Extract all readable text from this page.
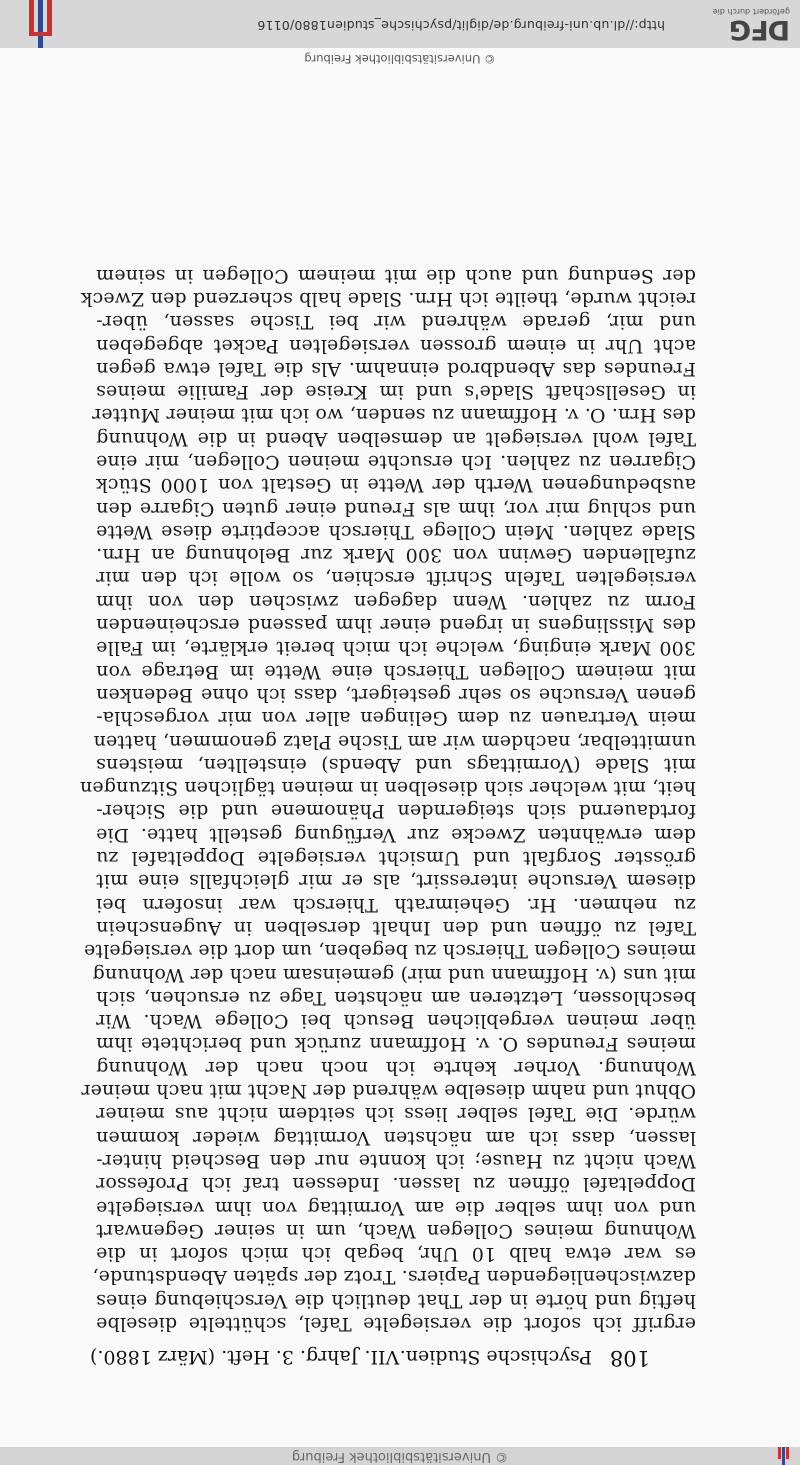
© Universitätsbibliothek Freiburg
108
Psychische Studien.
VII. Jahrg. 3. Heft. (März 1880.)
ergriff ich sofort die versiegelte Tafel, schüttelte dieselbe
heftig und hörte in der That deutlich die Verschiebung eines
dazwischenliegenden Papiers. Trotz der späten Abendstunde,
es war etwa halb 10 Uhr, begab ich mich sofort in die
Wohnung meines Collegen Wach, um in seiner Gegenwart
und von ihm selber die am Vormittag von ihm versiegelte
Doppeltafel öffnen zu lassen. Indessen traf ich Professor
Wach nicht zu Hause; ich konnte nur den Bescheid hinter-
lassen, dass ich am nächsten Vormittag wieder kommen
würde. Die Tafel selber liess ich seitdem nicht aus meiner
Obhut und nahm dieselbe während der Nacht mit nach meiner
Wohnung. Vorher kehrte ich noch nach der Wohnung
meines Freundes O. v. Hoffmann zurück und berichtete ihm
über meinen vergeblichen Besuch bei College Wach. Wir
beschlossen, Letzteren am nächsten Tage zu ersuchen, sich
mit uns (v. Hoffmann und mir) gemeinsam nach der Wohnung
meines Collegen Thiersch zu begeben, um dort die versiegelte
Tafel zu öffnen und den Inhalt derselben in Augenschein
zu nehmen. Hr. Geheimrath Thiersch war insofern bei
diesem Versuche interessirt, als er mir gleichfalls eine mit
grösster Sorgfalt und Umsicht versiegelte Doppeltafel zu
dem erwähnten Zwecke zur Verfügung gestellt hatte. Die
fortdauernd sich steigernden Phänomene und die Sicher-
heit, mit welcher sich dieselben in meinen täglichen Sitzungen
mit Slade (Vormittags und Abends) einstellten, meistens
unmittelbar, nachdem wir am Tische Platz genommen, hatten
mein Vertrauen zu dem Gelingen aller von mir vorgeschla-
genen Versuche so sehr gesteigert, dass ich ohne Bedenken
mit meinem Collegen Thiersch eine Wette im Betrage von
300 Mark einging, welche ich mich bereit erklärte, im Falle
des Misslingens in irgend einer ihm passend erscheinenden
Form zu zahlen. Wenn dagegen zwischen den von ihm
versiegelten Tafeln Schrift erschien, so wolle ich den mir
zufallenden Gewinn von 300 Mark zur Belohnung an Hrn.
Slade zahlen. Mein College Thiersch acceptirte diese Wette
und schlug mir vor, ihm als Freund einer guten Cigarre den
ausbedungenen Werth der Wette in Gestalt von 1000 Stück
Cigarren zu zahlen. Ich ersuchte meinen Collegen, mir eine
Tafel wohl versiegelt an demselben Abend in die Wohnung
des Hrn. O. v. Hoffmann zu senden, wo ich mit meiner Mutter
in Gesellschaft Slade's und im Kreise der Familie meines
Freundes das Abendbrod einnahm. Als die Tafel etwa gegen
acht Uhr in einem grossen versiegelten Packet abgegeben
und mir, gerade während wir bei Tische sassen, über-
reicht wurde, theilte ich Hrn. Slade halb scherzend den Zweck
der Sendung und auch die mit meinem Collegen in seinem
© Universitätsbibliothek Freiburg
http://dl.ub.uni-freiburg.de/diglit/psychische_studien1880/0116	DFG
gefördert durch die
